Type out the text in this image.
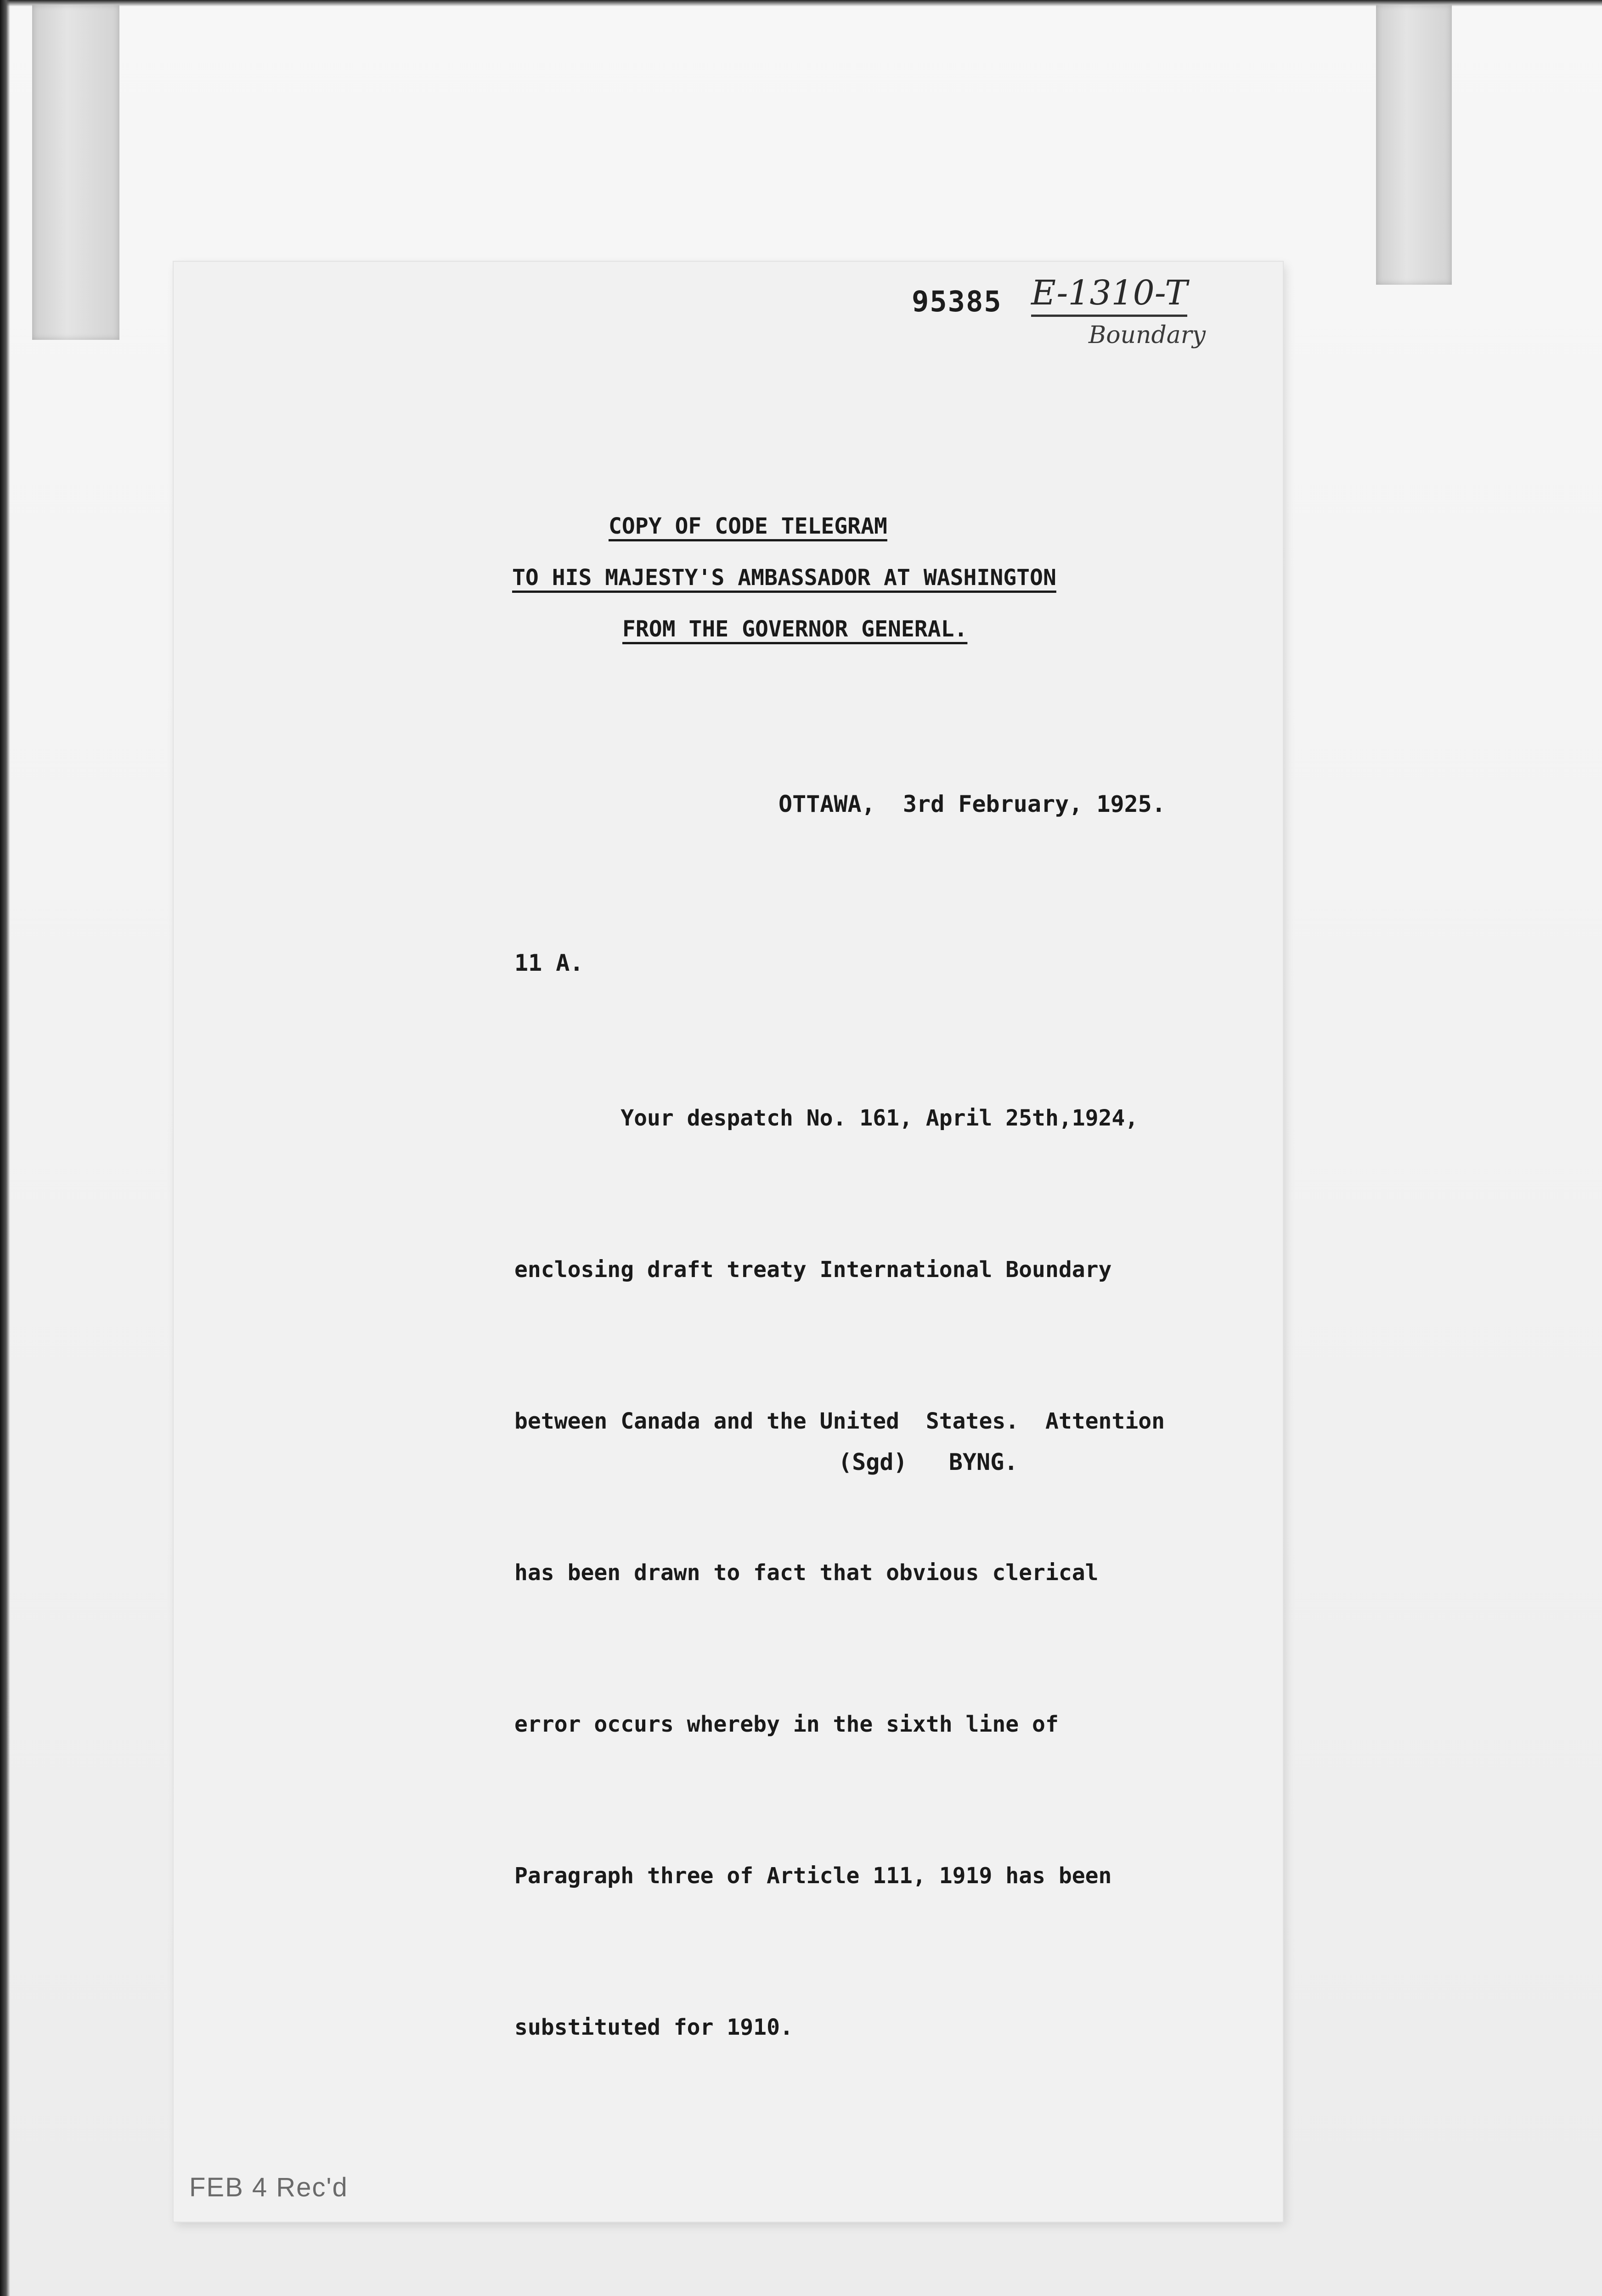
95385 E-1310-T
Boundary
COPY OF CODE TELEGRAM
TO HIS MAJESTY'S AMBASSADOR AT WASHINGTON
FROM THE GOVERNOR GENERAL.
OTTAWA,  3rd February, 1925.
11 A.

Your despatch No. 161, April 25th,1924,

enclosing draft treaty International Boundary

between Canada and the United  States.  Attention

has been drawn to fact that obvious clerical

error occurs whereby in the sixth line of

Paragraph three of Article 111, 1919 has been

substituted for 1910.

(Sgd)   BYNG.
FEB 4 Rec'd
